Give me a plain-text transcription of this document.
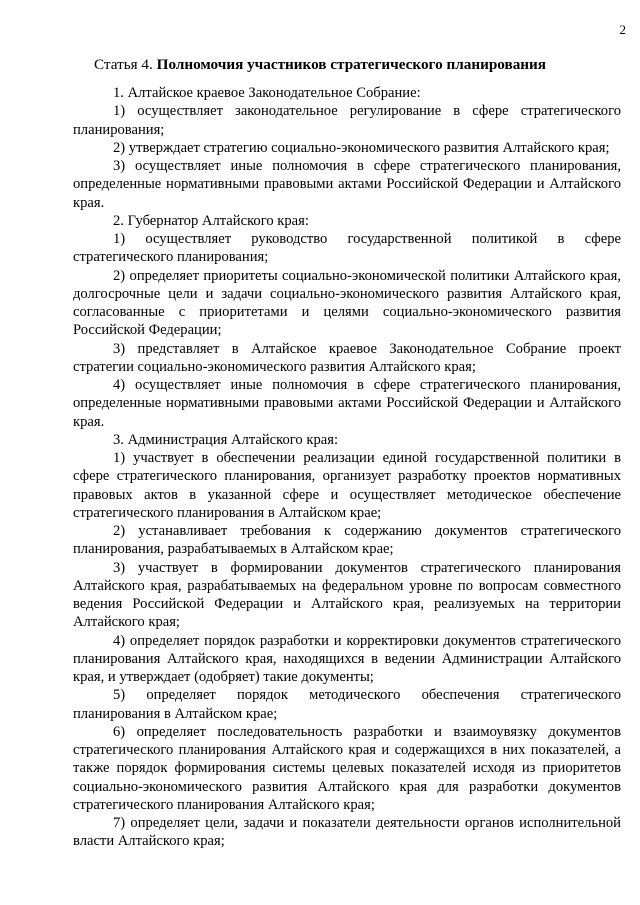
2
Статья 4. Полномочия участников стратегического планирования

1. Алтайское краевое Законодательное Собрание:

1) осуществляет законодательное регулирование в сфере стратегического планирования;

2) утверждает стратегию социально-экономического развития Алтайского края;

3) осуществляет иные полномочия в сфере стратегического планирования, определенные нормативными правовыми актами Российской Федерации и Алтайского края.

2. Губернатор Алтайского края:

1) осуществляет руководство государственной политикой в сфере стратегического планирования;

2) определяет приоритеты социально-экономической политики Алтайского края, долгосрочные цели и задачи социально-экономического развития Алтайского края, согласованные с приоритетами и целями социально-экономического развития Российской Федерации;

3) представляет в Алтайское краевое Законодательное Собрание проект стратегии социально-экономического развития Алтайского края;

4) осуществляет иные полномочия в сфере стратегического планирования, определенные нормативными правовыми актами Российской Федерации и Алтайского края.

3. Администрация Алтайского края:

1) участвует в обеспечении реализации единой государственной политики в сфере стратегического планирования, организует разработку проектов нормативных правовых актов в указанной сфере и осуществляет методическое обеспечение стратегического планирования в Алтайском крае;

2) устанавливает требования к содержанию документов стратегического планирования, разрабатываемых в Алтайском крае;

3) участвует в формировании документов стратегического планирования Алтайского края, разрабатываемых на федеральном уровне по вопросам совместного ведения Российской Федерации и Алтайского края, реализуемых на территории Алтайского края;

4) определяет порядок разработки и корректировки документов стратегического планирования Алтайского края, находящихся в ведении Администрации Алтайского края, и утверждает (одобряет) такие документы;

5) определяет порядок методического обеспечения стратегического планирования в Алтайском крае;

6) определяет последовательность разработки и взаимоувязку документов стратегического планирования Алтайского края и содержащихся в них показателей, а также порядок формирования системы целевых показателей исходя из приоритетов социально-экономического развития Алтайского края для разработки документов стратегического планирования Алтайского края;

7) определяет цели, задачи и показатели деятельности органов исполнительной власти Алтайского края;
